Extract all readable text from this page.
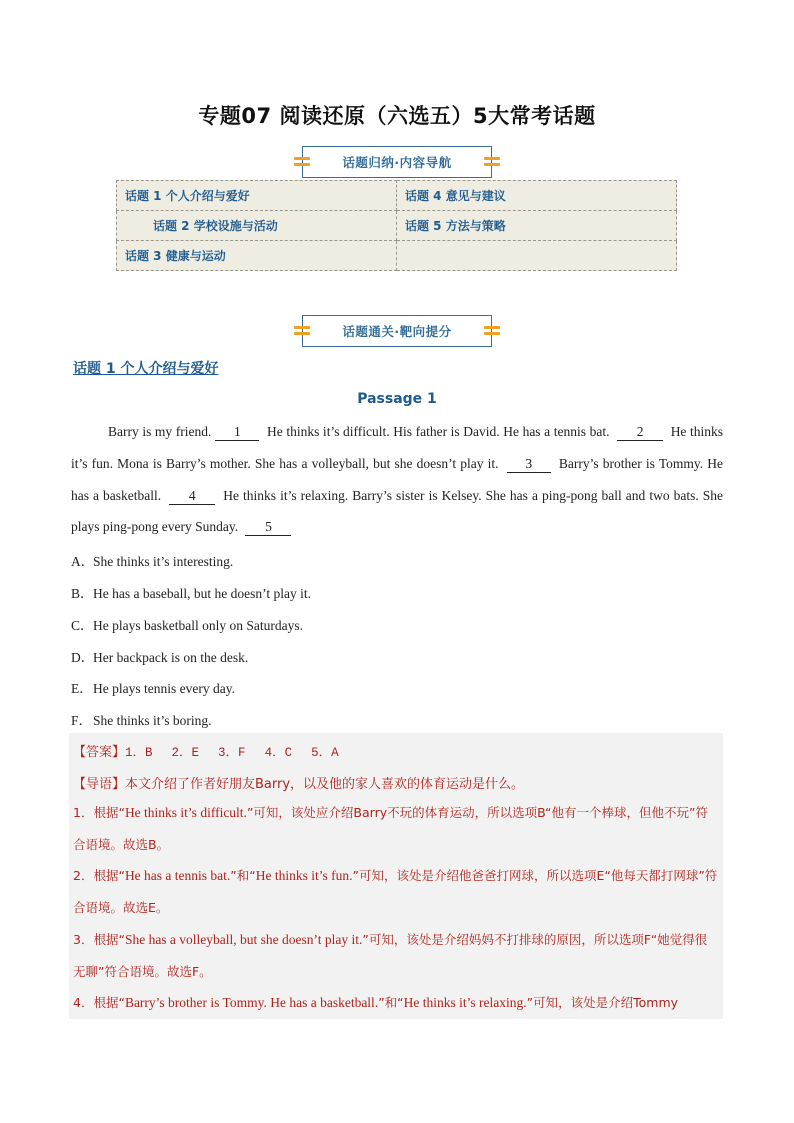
专题07 阅读还原（六选五）5大常考话题
话题归纳·内容导航
话题 1 个人介绍与爱好	话题 4 意见与建议
话题 2 学校设施与活动	话题 5 方法与策略
话题 3 健康与运动	
话题通关·靶向提分
话题 1 个人介绍与爱好
Passage 1
Barry is my friend. 1 He thinks it’s difficult. His father is David. He has a tennis bat. 2 He thinks it’s fun. Mona is Barry’s mother. She has a volleyball, but she doesn’t play it. 3 Barry’s brother is Tommy. He has a basketball. 4 He thinks it’s relaxing. Barry’s sister is Kelsey. She has a ping-pong ball and two bats. She plays ping-pong every Sunday. 5
A．She thinks it’s interesting.
B．He has a baseball, but he doesn’t play it.
C．He plays basketball only on Saturdays.
D．Her backpack is on the desk.
E．He plays tennis every day.
F．She thinks it’s boring.
【答案】1．B 2．E 3．F 4．C 5．A
【导语】本文介绍了作者好朋友Barry，以及他的家人喜欢的体育运动是什么。
1．根据“He thinks it’s difficult.”可知，该处应介绍Barry不玩的体育运动，所以选项B“他有一个棒球，但他不玩”符合语境。故选B。
2．根据“He has a tennis bat.”和“He thinks it’s fun.”可知，该处是介绍他爸爸打网球，所以选项E“他每天都打网球”符合语境。故选E。
3．根据“She has a volleyball, but she doesn’t play it.”可知，该处是介绍妈妈不打排球的原因，所以选项F“她觉得很无聊”符合语境。故选F。
4．根据“Barry’s brother is Tommy. He has a basketball.”和“He thinks it’s relaxing.”可知，该处是介绍Tommy
